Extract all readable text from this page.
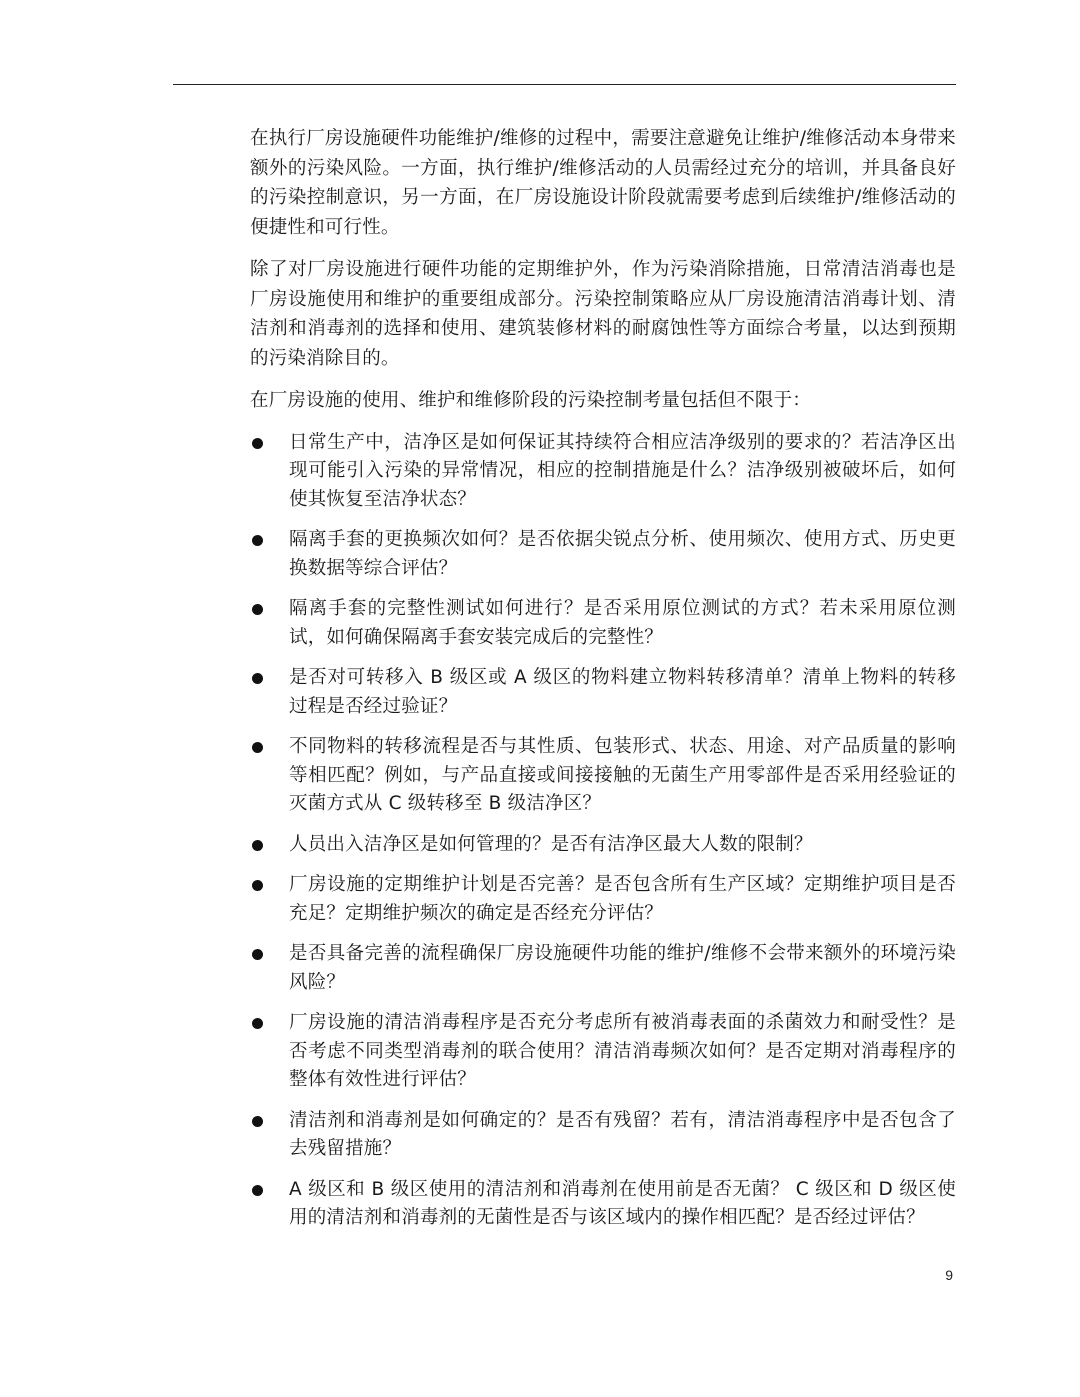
在执行厂房设施硬件功能维护/维修的过程中，需要注意避免让维护/维修活动本身带来额外的污染风险。一方面，执行维护/维修活动的人员需经过充分的培训，并具备良好的污染控制意识，另一方面，在厂房设施设计阶段就需要考虑到后续维护/维修活动的便捷性和可行性。

除了对厂房设施进行硬件功能的定期维护外，作为污染消除措施，日常清洁消毒也是厂房设施使用和维护的重要组成部分。污染控制策略应从厂房设施清洁消毒计划、清洁剂和消毒剂的选择和使用、建筑装修材料的耐腐蚀性等方面综合考量，以达到预期的污染消除目的。

在厂房设施的使用、维护和维修阶段的污染控制考量包括但不限于：

日常生产中，洁净区是如何保证其持续符合相应洁净级别的要求的？若洁净区出现可能引入污染的异常情况，相应的控制措施是什么？洁净级别被破坏后，如何使其恢复至洁净状态？
隔离手套的更换频次如何？是否依据尖锐点分析、使用频次、使用方式、历史更换数据等综合评估？
隔离手套的完整性测试如何进行？是否采用原位测试的方式？若未采用原位测试，如何确保隔离手套安装完成后的完整性？
是否对可转移入 B 级区或 A 级区的物料建立物料转移清单？清单上物料的转移过程是否经过验证？
不同物料的转移流程是否与其性质、包装形式、状态、用途、对产品质量的影响等相匹配？例如，与产品直接或间接接触的无菌生产用零部件是否采用经验证的灭菌方式从 C 级转移至 B 级洁净区？
人员出入洁净区是如何管理的？是否有洁净区最大人数的限制？
厂房设施的定期维护计划是否完善？是否包含所有生产区域？定期维护项目是否充足？定期维护频次的确定是否经充分评估？
是否具备完善的流程确保厂房设施硬件功能的维护/维修不会带来额外的环境污染风险？
厂房设施的清洁消毒程序是否充分考虑所有被消毒表面的杀菌效力和耐受性？是否考虑不同类型消毒剂的联合使用？清洁消毒频次如何？是否定期对消毒程序的整体有效性进行评估？
清洁剂和消毒剂是如何确定的？是否有残留？若有，清洁消毒程序中是否包含了去残留措施？
A 级区和 B 级区使用的清洁剂和消毒剂在使用前是否无菌？ C 级区和 D 级区使用的清洁剂和消毒剂的无菌性是否与该区域内的操作相匹配？是否经过评估？
9
